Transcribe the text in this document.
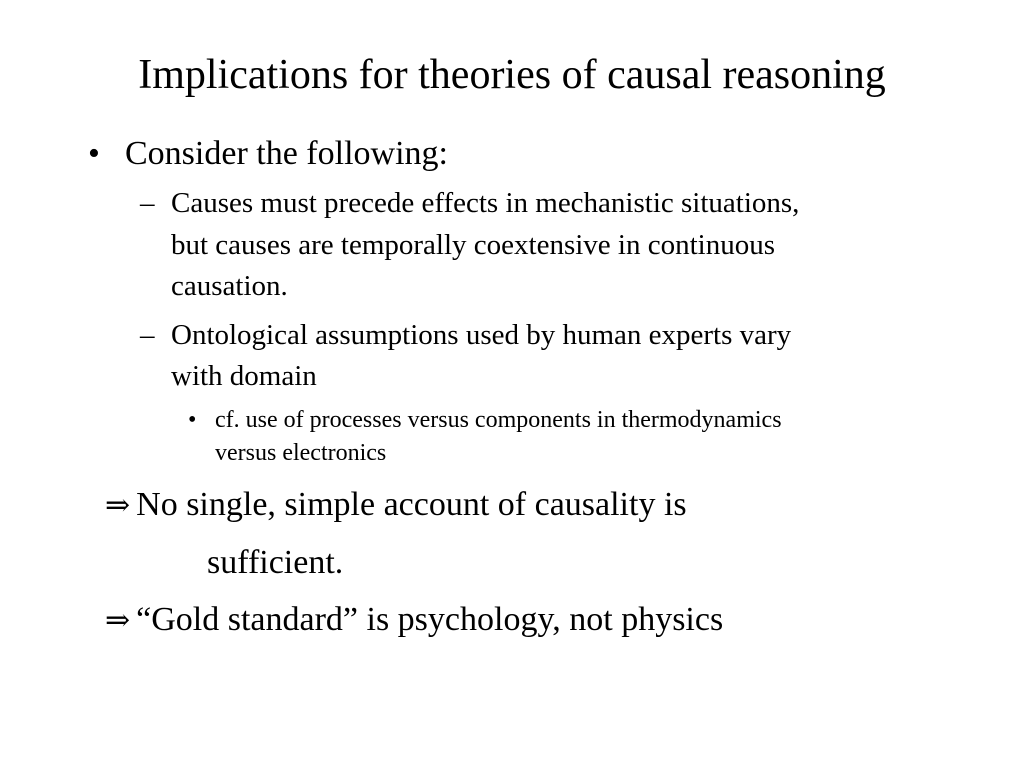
Implications for theories of causal reasoning
• Consider the following:
– Causes must precede effects in mechanistic situations,
but causes are temporally coextensive in continuous
causation.
– Ontological assumptions used by human experts vary
with domain
• cf. use of processes versus components in thermodynamics
versus electronics
⇒ No single, simple account of causality is
sufficient.
⇒ “Gold standard” is psychology, not physics
